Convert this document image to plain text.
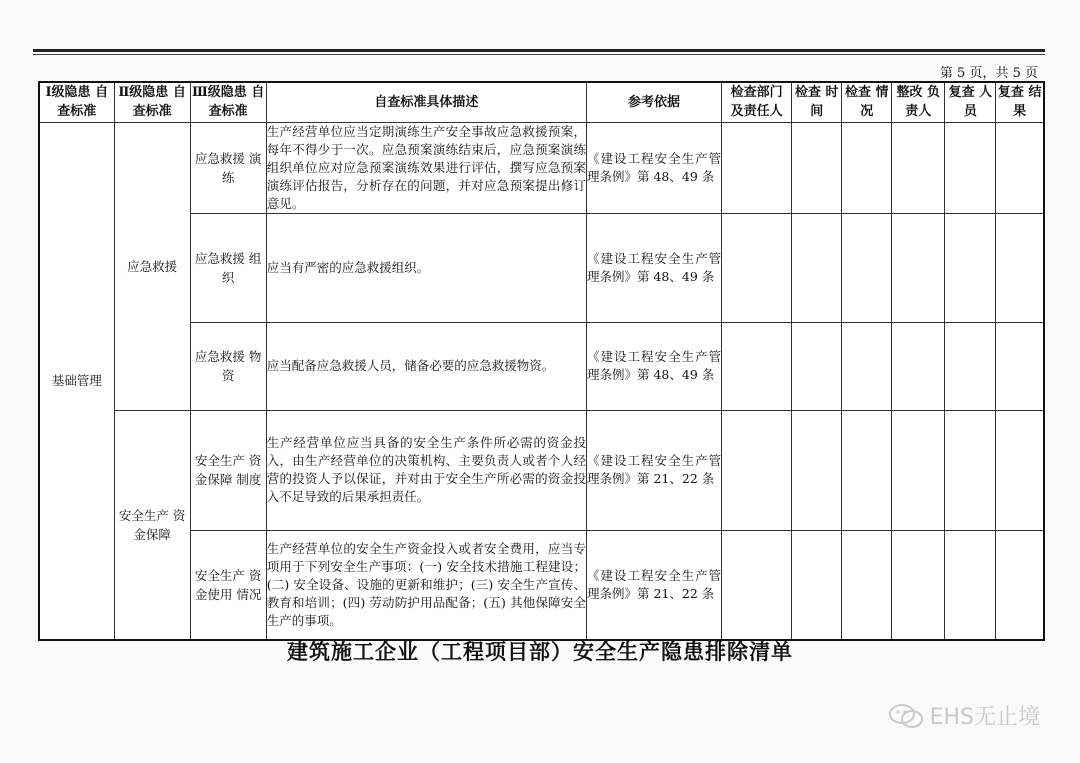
第 5 页，共 5 页
Ⅰ级隐患 自查标准	Ⅱ级隐患 自查标准	Ⅲ级隐患 自查标准	自查标准具体描述	参考依据	检查部门 及责任人	检查 时间	检查 情况	整改 负责人	复查 人员	复查 结果
基础管理	应急救援	应急救援 演练	生产经营单位应当定期演练生产安全事故应急救援预案，每年不得少于一次。应急预案演练结束后，应急预案演练组织单位应对应急预案演练效果进行评估，撰写应急预案演练评估报告，分析存在的问题，并对应急预案提出修订意见。	《建设工程安全生产管理条例》第 48、49 条						
		应急救援 组织	应当有严密的应急救援组织。	《建设工程安全生产管理条例》第 48、49 条						
		应急救援 物资	应当配备应急救援人员，储备必要的应急救援物资。	《建设工程安全生产管理条例》第 48、49 条						
	安全生产 资金保障	安全生产 资金保障 制度	生产经营单位应当具备的安全生产条件所必需的资金投入，由生产经营单位的决策机构、主要负责人或者个人经营的投资人予以保证，并对由于安全生产所必需的资金投入不足导致的后果承担责任。	《建设工程安全生产管理条例》第 21、22 条						
		安全生产 资金使用 情况	生产经营单位的安全生产资金投入或者安全费用，应当专项用于下列安全生产事项：(一) 安全技术措施工程建设；(二) 安全设备、设施的更新和维护；(三) 安全生产宣传、教育和培训；(四) 劳动防护用品配备；(五) 其他保障安全生产的事项。	《建设工程安全生产管理条例》第 21、22 条						
建筑施工企业（工程项目部）安全生产隐患排除清单
EHS无止境
